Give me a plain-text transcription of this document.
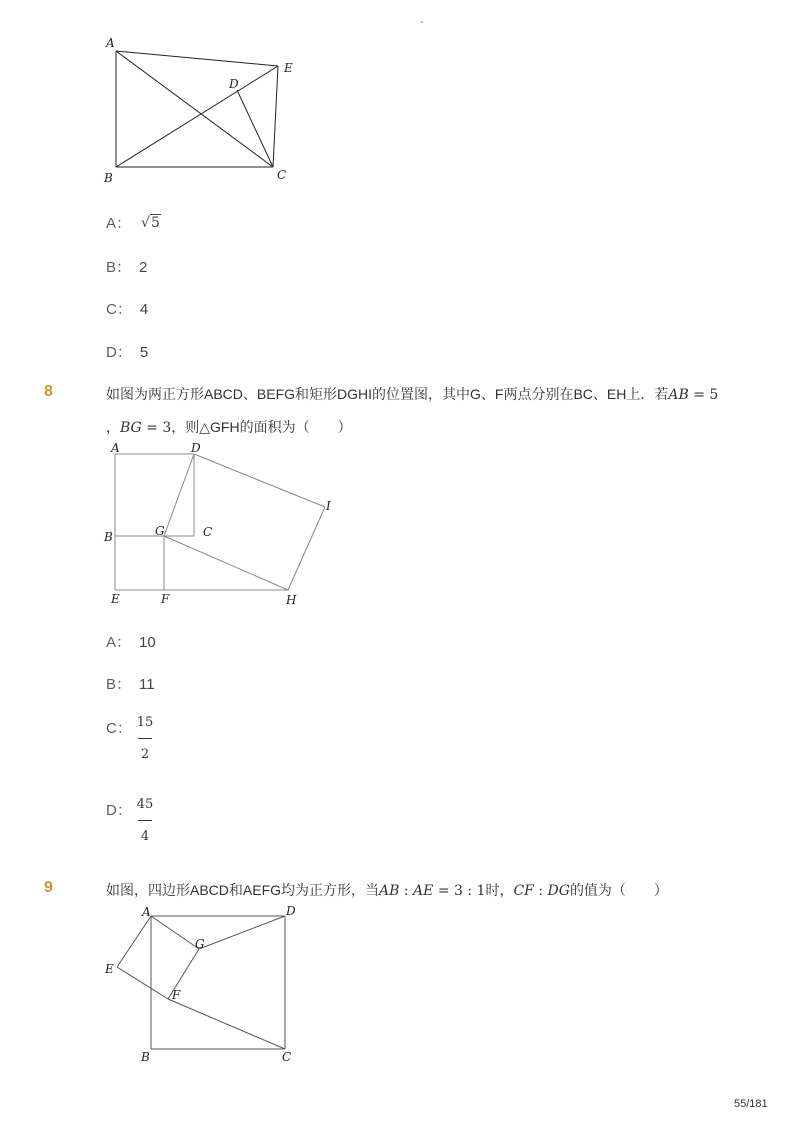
-
A
B	C
D
E
A： √5
B： 2
C： 4
D： 5
8	如图为两正方形ABCD、BEFG和矩形DGHI的位置图，其中G、F两点分别在BC、EH上．若AB = 5
，BG = 3，则△GFH的面积为（　　）
A
B	C
D
E	F
G
H
I
A： 10
B： 11
C： 15
2
D： 45
4
9	如图，四边形ABCD和AEFG均为正方形，当AB : AE = 3 : 1时，CF : DG的值为（　　）
A
B	C
D
E
F
G
55/181
